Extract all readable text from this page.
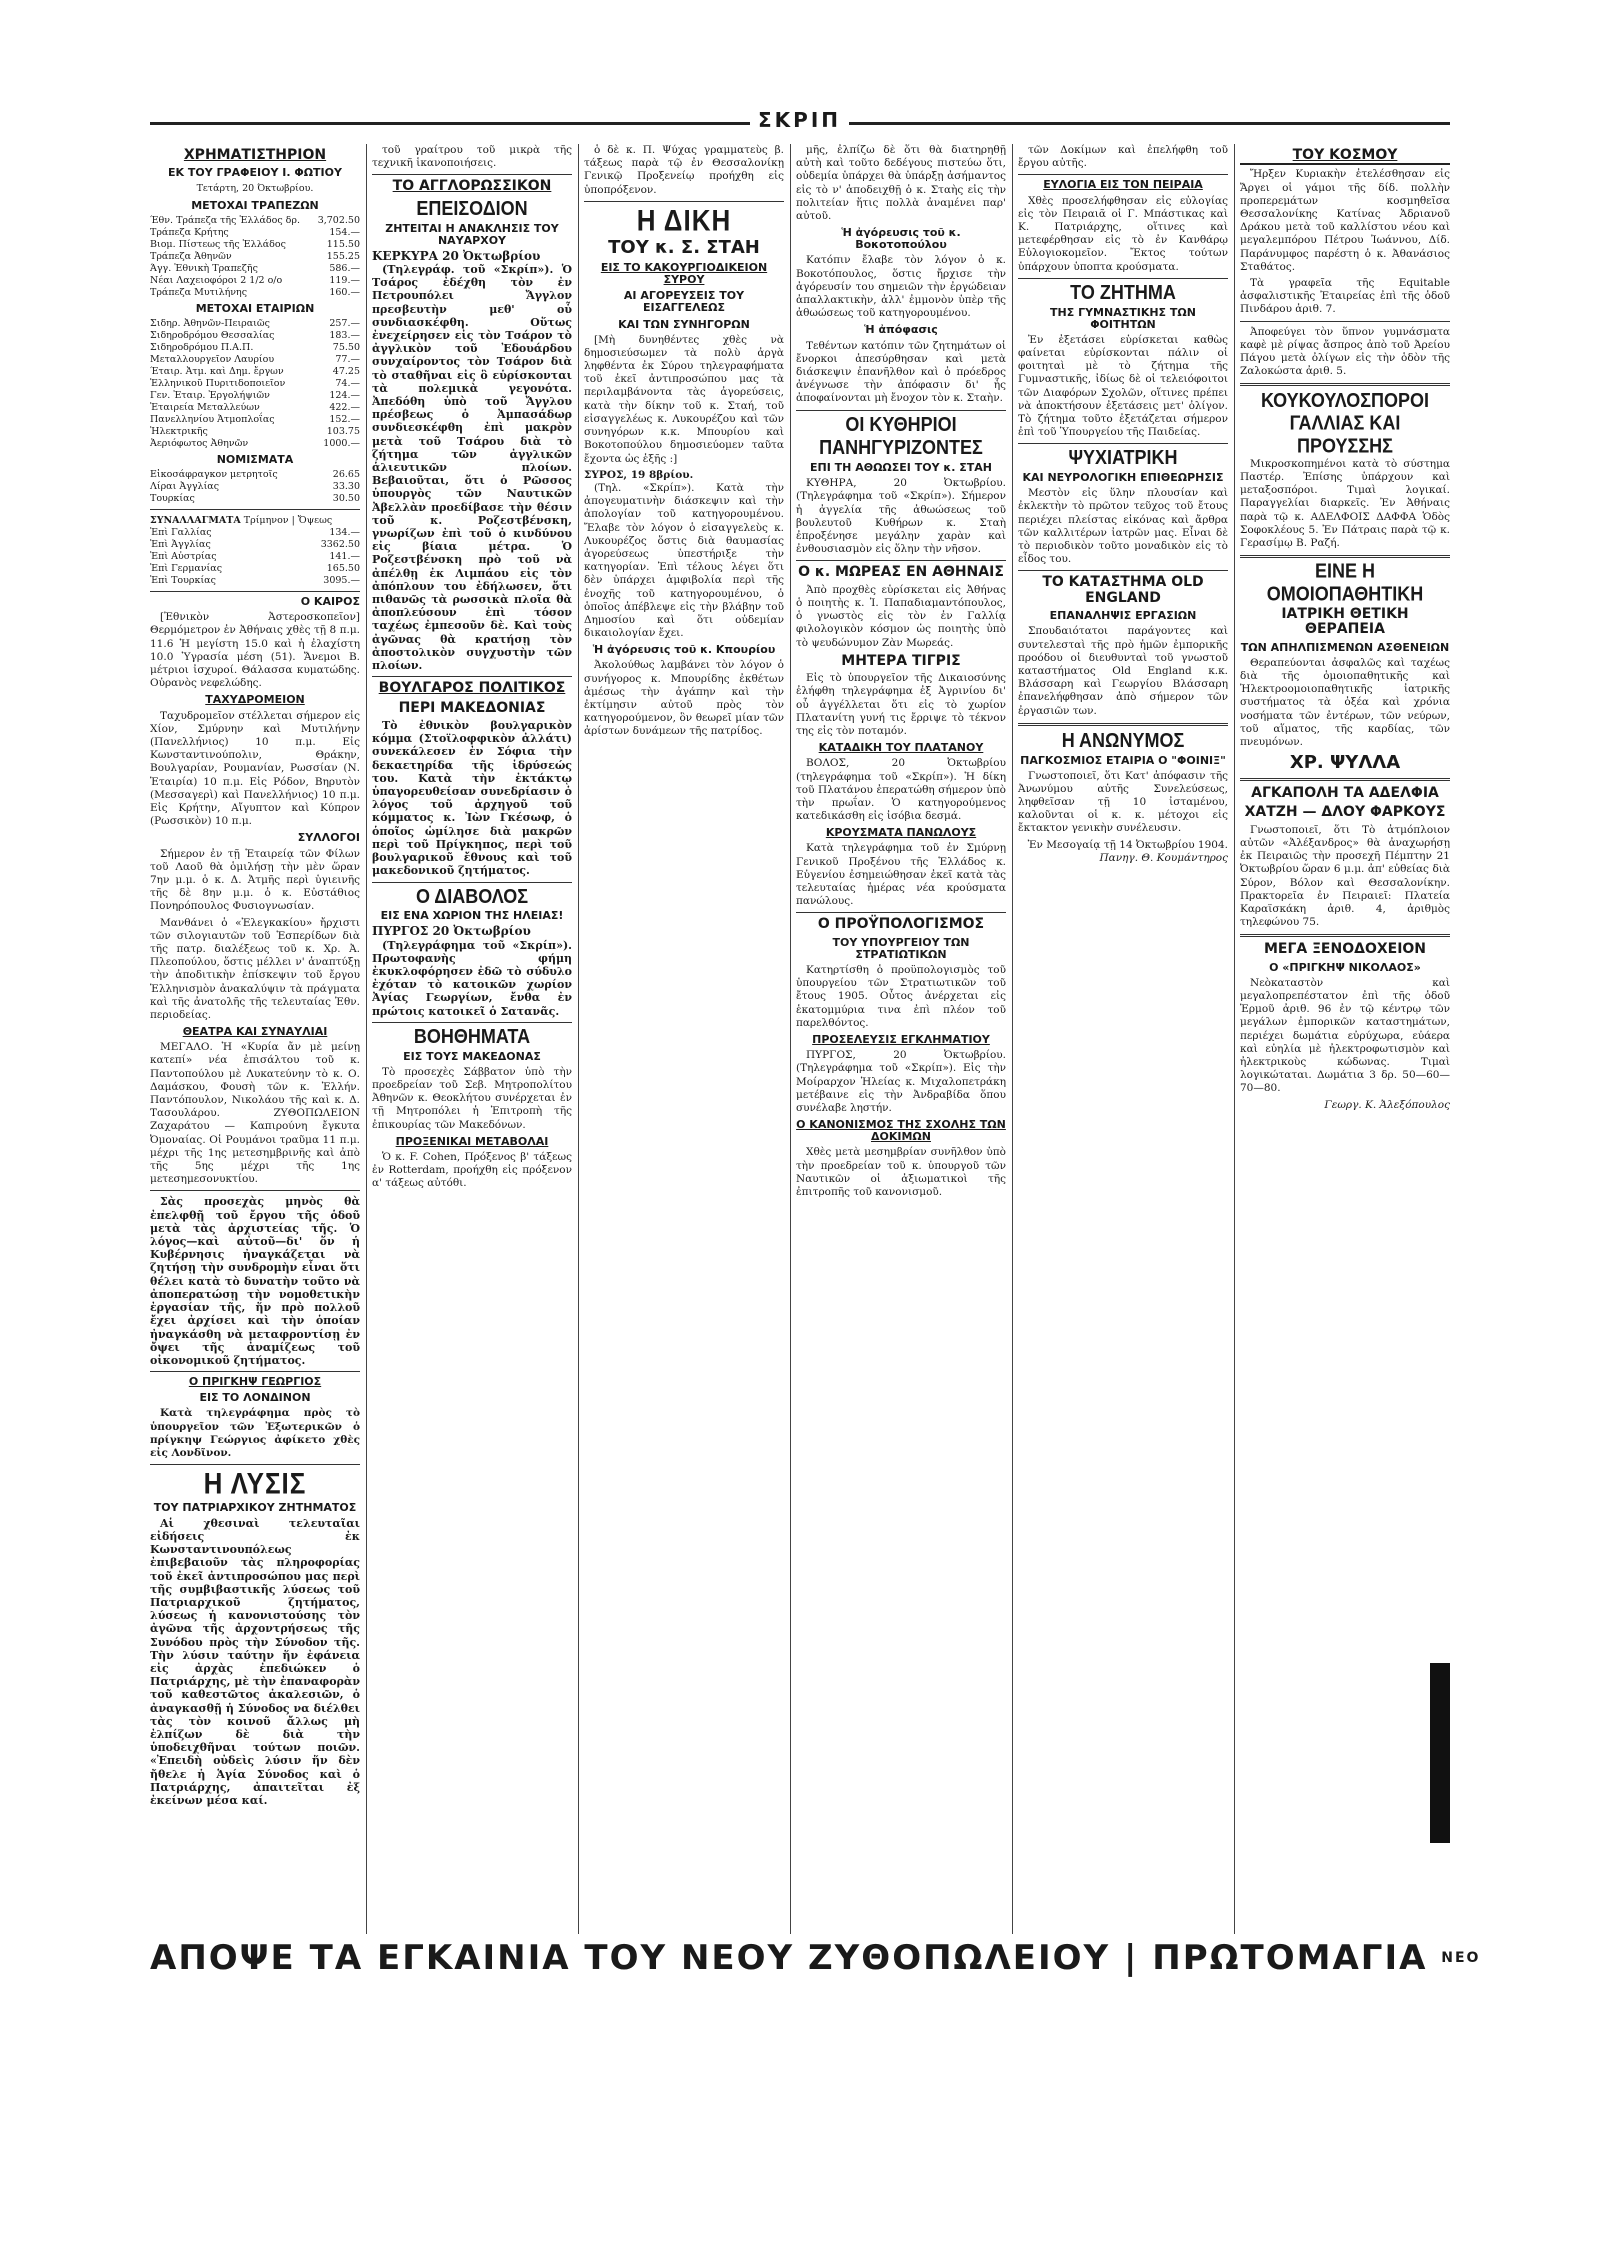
ΣΚΡΙΠ
ΧΡΗΜΑΤΙΣΤΗΡΙΟΝ
ΕΚ ΤΟΥ ΓΡΑΦΕΙΟΥ Ι. ΦΩΤΙΟΥ
Τετάρτη, 20 Όκτωβρίου.
ΜΕΤΟΧΑΙ ΤΡΑΠΕΖΩΝ
Έθν. Τράπεζα τῆς Ἑλλάδος δρ.	3,702.50
Τράπεζα Κρήτης	154.—
Βιομ. Πίστεως τῆς Ἑλλάδος	115.50
Τράπεζα Ἀθηνῶν	155.25
Άγγ. Ἐθνικὴ Τραπεζῆς	586.—
Νέαι Λαχειοφόροι 2 1/2 ο/ο	119.—
Τράπεζα Μυτιλήνης	160.—
ΜΕΤΟΧΑΙ ΕΤΑΙΡΙΩΝ
Σιδηρ. Ἀθηνῶν-Πειραιῶς	257.—
Σιδηροδρόμου Θεσσαλίας	183.—
Σιδηροδρόμου Π.Α.Π.	75.50
Μεταλλουργεῖον Λαυρίου	77.—
Έταιρ. Ἀτμ. καὶ Δημ. ἔργων	47.25
Ἑλληνικοῦ Πυριτιδοποιεῖον	74.—
Γεν. Ἐταιρ. Ἐργολήψιῶν	124.—
Ἐταιρεία Μεταλλεύων	422.—
Πανελληνίου Ἀτμοπλοΐας	152.—
Ἠλεκτρικῆς	103.75
Ἀεριόφωτος Ἀθηνῶν	1000.—
ΝΟΜΙΣΜΑΤΑ
Εἰκοσάφραγκον μετρητοῖς	26.65
Λίραι Ἀγγλίας	33.30
Τουρκίας	30.50
ΣΥΝΑΛΛΑΓΜΑΤΑ Τρίμηνον | Ὄψεως
Ἐπὶ Γαλλίας	134.—
Ἐπὶ Ἀγγλίας	3362.50
Ἐπὶ Αὐστρίας	141.—
Ἐπὶ Γερμανίας	165.50
Ἐπὶ Τουρκίας	3095.—
Ο ΚΑΙΡΟΣ

[Ἐθνικὸν Ἀστεροσκοπεῖον] Θερμόμετρον ἐν Ἀθήναις χθὲς τῇ 8 π.μ. 11.6 Ἡ μεγίστη 15.0 καὶ ἡ ἐλαχίστη 10.0 Ὑγρασία μέση (51). Ἄνεμοι Β. μέτριοι ἰσχυροί. Θάλασσα κυματώδης. Οὐρανὸς νεφελώδης.

ΤΑΧΥΔΡΟΜΕΙΟΝ

Ταχυδρομεῖον στέλλεται σήμερον εἰς Χίον, Σμύρνην καὶ Μυτιλήνην (Πανελλήνιος) 10 π.μ. Εἰς Κωνσταντινούπολιν, Θράκην, Βουλγαρίαν, Ρουμανίαν, Ρωσσίαν (Ν. Ἑταιρία) 10 π.μ. Εἰς Ρόδον, Βηρυτὸν (Μεσσαγερὶ) καὶ Πανελλήνιος) 10 π.μ. Εἰς Κρήτην, Αἴγυπτον καὶ Κύπρον (Ρωσσικὸν) 10 π.μ.

ΣΥΛΛΟΓΟΙ

Σήμερον ἐν τῇ Ἑταιρείᾳ τῶν Φίλων τοῦ Λαοῦ θὰ ὁμιλήσῃ τὴν μὲν ὥραν 7ην μ.μ. ὁ κ. Δ. Ἀτμῆς περὶ ὑγιεινῆς τῆς δὲ 8ην μ.μ. ὁ κ. Εὐστάθιος Πονηρόπουλος Φυσιογνωσίαν.

Μανθάνει ὁ «Ἐλεγκακίου» ἤρχιστι τῶν σιλογιαυτῶν τοῦ Ἑσπερίδων διὰ τῆς πατρ. διαλέξεως τοῦ κ. Χρ. Ἀ. Πλεοπούλου, ὅστις μέλλει ν' ἀναπτύξῃ τὴν ἀποδιτικὴν ἐπίσκεψιν τοῦ ἔργου Ἑλληνισμὸν ἀνακαλύψιν τὰ πράγματα καὶ τῆς ἀνατολῆς τῆς τελευταίας Ἐθν. περιοδείας.

ΘΕΑΤΡΑ ΚΑΙ ΣΥΝΑΥΛΙΑΙ

ΜΕΓΑΛΟ. Ἡ «Κυρία ἄν μὲ μείνῃ κατεπί» νέα ἐπισάλτου τοῦ κ. Παντοπούλου μὲ Λυκατεύνην τὸ κ. Ο. Δαμάσκου, Φουσὴ τῶν κ. Ἐλλήν. Παντόπουλον, Νικολάου τῆς καὶ κ. Δ. Τασουλάρου. ΖΥΘΟΠΩΛΕΙΟΝ Ζαχαράτου — Καπιρούνη ἔγκυτα Ὀμοναίας. Οἱ Ρουμάνοι τραῦμα 11 π.μ. μέχρι τῆς 1ης μετεσημβρινῆς καὶ ἀπὸ τῆς 5ης μέχρι τῆς 1ης μετεσημεσονυκτίου.

Σὰς προσεχὰς μηνὸς θὰ ἐπελφθῇ τοῦ ἔργου τῆς ὁδοῦ μετὰ τὰς ἀρχιστείας τῆς. Ὁ λόγος—καὶ αὐτοῦ—δι' ὅν ἡ Κυβέρνησις ἠναγκάζεται νὰ ζητήσῃ τὴν συνδρομὴν εἶναι ὅτι θέλει κατὰ τὸ δυνατὴν τοῦτο νὰ ἀποπερατώσῃ τὴν νομοθετικὴν ἐργασίαν τῆς, ἥν πρὸ πολλοῦ ἔχει ἀρχίσει καὶ τὴν ὁποίαν ἠναγκάσθη νὰ μεταφροντίσῃ ἐν ὄψει τῆς ἀναμίζεως τοῦ οἰκονομικοῦ ζητήματος.

Ο ΠΡΙΓΚΗΨ ΓΕΩΡΓΙΟΣ
ΕΙΣ ΤΟ ΛΟΝΔΙΝΟΝ

Κατὰ τηλεγράφημα πρὸς τὸ ὑπουργεῖον τῶν Ἐξωτερικῶν ὁ πρίγκηψ Γεώργιος ἀφίκετο χθὲς εἰς Λονδῖνον.

Η ΛΥΣΙΣ
ΤΟΥ ΠΑΤΡΙΑΡΧΙΚΟΥ ΖΗΤΗΜΑΤΟΣ

Αἱ χθεσιναὶ τελευταῖαι εἰδήσεις ἐκ Κωνσταντινουπόλεως ἐπιβεβαιοῦν τὰς πληροφορίας τοῦ ἐκεῖ ἀντιπροσώπου μας περὶ τῆς συμβιβαστικῆς λύσεως τοῦ Πατριαρχικοῦ ζητήματος, λύσεως ἡ κανονιστούσης τὸν ἀγῶνα τῆς ἀρχοντρήσεως τῆς Συνόδου πρὸς τὴν Σύνοδον τῆς. Τὴν λύσιν ταύτην ἥν ἐφάνεια εἰς ἀρχὰς ἐπεδιώκεν ὁ Πατριάρχης, μὲ τὴν ἐπαναφορὰν τοῦ καθεστῶτος ἀκαλεσιῶν, ὁ ἀναγκασθῇ ἡ Σύνοδος να διέλθει τὰς τὸν κοινοῦ ἄλλως μὴ ἐλπίζων δὲ διὰ τὴν ὑποδειχθῆναι τούτων ποιῶν. «Ἐπειδὴ οὐδεὶς λύσιν ἥν δὲν ἤθελε ἡ Ἁγία Σύνοδος καὶ ὁ Πατριάρχης, ἀπαιτεῖται ἐξ ἐκείνων μέσα καί.

τοῦ γραίτρου τοῦ μικρὰ τῆς τεχνικῆ ἱκανοποιήσεις.

ΤΟ ΑΓΓΛΟΡΩΣΣΙΚΟΝ
ΕΠΕΙΣΟΔΙΟΝ
ΖΗΤΕΙΤΑΙ Η ΑΝΑΚΛΗΣΙΣ ΤΟΥ ΝΑΥΑΡΧΟΥ
ΚΕΡΚΥΡΑ 20 Ὀκτωβρίου

(Τηλεγράφ. τοῦ «Σκρίπ»). Ὁ Τσάρος ἐδέχθη τὸν ἐν Πετρουπόλει Ἄγγλον πρεσβευτὴν μεθ' οὗ συνδιασκέφθη. Οὕτως ἐνεχείρησεν εἰς τὸν Τσάρον τὸ ἀγγλικὸν τοῦ Ἐδουάρδου συνχαίροντος τὸν Τσάρον διὰ τὸ σταθῆναι εἰς ὃ εὑρίσκονται τὰ πολεμικὰ γεγονότα. Ἀπεδόθη ὑπὸ τοῦ Ἄγγλου πρέσβεως ὁ Ἀμπασάδωρ συνδιεσκέφθη ἐπὶ μακρὸν μετὰ τοῦ Τσάρου διὰ τὸ ζήτημα τῶν ἀγγλικῶν ἁλιευτικῶν πλοίων. Βεβαιοῦται, ὅτι ὁ Ρῶσσος ὑπουργὸς τῶν Ναυτικῶν Ἀβελλὰν προεδίβασε τὴν θέσιν τοῦ κ. Ροζεστβένσκη, γνωρίζων ἐπὶ τοῦ ὁ κινδύνου εἰς βίαια μέτρα. Ὁ Ροζεστβένσκη πρὸ τοῦ νὰ ἀπέλθῃ ἐκ Λιμπάου εἰς τὸν ἀπόπλουν του ἐδήλωσεν, ὅτι πιθανῶς τὰ ρωσσικὰ πλοῖα θὰ ἀποπλεύσουν ἐπὶ τόσον ταχέως ἐμπεσοῦν δὲ. Καὶ τοὺς ἀγῶνας θὰ κρατήσῃ τὸν ἀποστολικὸν συγχυστὴν τῶν πλοίων.

ΒΟΥΛΓΑΡΟΣ ΠΟΛΙΤΙΚΟΣ
ΠΕΡΙ ΜΑΚΕΔΟΝΙΑΣ

Τὸ ἐθνικὸν βουλγαρικὸν κόμμα (Στοϊλοφφικὸν ἀλλάτι) συνεκάλεσεν ἐν Σόφια τὴν δεκαετηρίδα τῆς ἱδρύσεώς του. Κατὰ τὴν ἐκτάκτῳ ὑπαγορευθείσαν συνεδρίασιν ὁ λόγος τοῦ ἀρχηγοῦ τοῦ κόμματος κ. Ἰὼν Γκέσωφ, ὁ ὁποῖος ὡμίλησε διὰ μακρῶν περὶ τοῦ Πρίγκηπος, περὶ τοῦ βουλγαρικοῦ ἔθνους καὶ τοῦ μακεδονικοῦ ζητήματος.

Ο ΔΙΑΒΟΛΟΣ
ΕΙΣ ΕΝΑ ΧΩΡΙΟΝ ΤΗΣ ΗΛΕΙΑΣ!
ΠΥΡΓΟΣ 20 Ὀκτωβρίου

(Τηλεγράφημα τοῦ «Σκρίπ»). Πρωτοφανὴς φήμη ἐκυκλοφόρησεν ἐδῶ τὸ σύδυλο ἐχόταν τὸ κατοικῶν χωρίον Ἀγίας Γεωργίων, ἔνθα ἐν πρώτοις κατοικεῖ ὁ Σατανᾶς.

ΒΟΗΘΗΜΑΤΑ
ΕΙΣ ΤΟΥΣ ΜΑΚΕΔΟΝΑΣ

Τὸ προσεχὲς Σάββατον ὑπὸ τὴν προεδρείαν τοῦ Σεβ. Μητροπολίτου Ἀθηνῶν κ. Θεοκλήτου συνέρχεται ἐν τῇ Μητροπόλει ἡ Ἐπιτροπὴ τῆς ἐπικουρίας τῶν Μακεδόνων.

ΠΡΟΞΕΝΙΚΑΙ ΜΕΤΑΒΟΛΑΙ

Ὁ κ. F. Cohen, Πρόξενος β' τάξεως ἐν Rotterdam, προήχθη εἰς πρόξενον α' τάξεως αὐτόθι.

ὁ δὲ κ. Π. Ψύχας γραμματεὺς β. τάξεως παρὰ τῷ ἐν Θεσσαλονίκῃ Γενικῷ Προξενείῳ προήχθη εἰς ὑποπρόξενον.

Η ΔΙΚΗ
ΤΟΥ κ. Σ. ΣΤΑΗ
ΕΙΣ ΤΟ ΚΑΚΟΥΡΓΙΟΔΙΚΕΙΟΝ ΣΥΡΟΥ
ΑΙ ΑΓΟΡΕΥΣΕΙΣ ΤΟΥ ΕΙΣΑΓΓΕΛΕΩΣ
ΚΑΙ ΤΩΝ ΣΥΝΗΓΟΡΩΝ

[Μὴ δυνηθέντες χθὲς νὰ δημοσιεύσωμεν τὰ πολὺ ἀργὰ ληφθέντα ἐκ Σύρου τηλεγραφήματα τοῦ ἐκεῖ ἀντιπροσώπου μας τὰ περιλαμβάνοντα τὰς ἀγορεύσεις, κατὰ τὴν δίκην τοῦ κ. Σταή, τοῦ εἰσαγγελέως κ. Λυκουρέζου καὶ τῶν συνηγόρων κ.κ. Μπουρίου καὶ Βοκοτοπούλου δημοσιεύομεν ταῦτα ἔχοντα ὡς ἑξῆς :]

ΣΥΡΟΣ, 19 8βρίου.

(Τηλ. «Σκρίπ»). Κατὰ τὴν ἀπογευματινὴν διάσκεψιν καὶ τὴν ἀπολογίαν τοῦ κατηγορουμένου. Ἔλαβε τὸν λόγον ὁ εἰσαγγελεὺς κ. Λυκουρέζος ὅστις διὰ θαυμασίας ἀγορεύσεως ὑπεστήριξε τὴν κατηγορίαν. Ἐπὶ τέλους λέγει ὅτι δὲν ὑπάρχει ἀμφιβολία περὶ τῆς ἐνοχῆς τοῦ κατηγορουμένου, ὁ ὁποῖος ἀπέβλεψε εἰς τὴν βλάβην τοῦ Δημοσίου καὶ ὅτι οὐδεμίαν δικαιολογίαν ἔχει.

Ἡ ἀγόρευσις τοῦ κ. Κπουρίου

Ἀκολούθως λαμβάνει τὸν λόγον ὁ συνήγορος κ. Μπουρίδης ἐκθέτων ἀμέσως τὴν ἀγάπην καὶ τὴν ἐκτίμησιν αὐτοῦ πρὸς τὸν κατηγορούμενον, ὃν θεωρεῖ μίαν τῶν ἀρίστων δυνάμεων τῆς πατρίδος.

μῆς, ἐλπίζω δὲ ὅτι θὰ διατηρηθῇ αὐτὴ καὶ τοῦτο δεδέγους πιστεύω ὅτι, οὐδεμία ὑπάρχει θὰ ὑπάρξῃ ἀσήμαντος εἰς τὸ ν' ἀποδειχθῇ ὁ κ. Σταὴς εἰς τὴν πολιτείαν ἥτις πολλὰ ἀναμένει παρ' αὐτοῦ.

Ἡ ἀγόρευσις τοῦ κ. Βοκοτοπούλου

Κατόπιν ἔλαβε τὸν λόγον ὁ κ. Βοκοτόπουλος, ὅστις ἤρχισε τὴν ἀγόρευσίν του σημειῶν τὴν ἐργώδειαν ἀπαλλακτικὴν, ἀλλ' ἐμμονὸν ὑπὲρ τῆς ἀθωώσεως τοῦ κατηγορουμένου.

Ἡ ἀπόφασις

Τεθέντων κατόπιν τῶν ζητημάτων οἱ ἔνορκοι ἀπεσύρθησαν καὶ μετὰ διάσκεψιν ἐπανῆλθον καὶ ὁ πρόεδρος ἀνέγνωσε τὴν ἀπόφασιν δι' ἧς ἀποφαίνονται μὴ ἔνοχον τὸν κ. Σταὴν.

ΟΙ ΚΥΘΗΡΙΟΙ
ΠΑΝΗΓΥΡΙΖΟΝΤΕΣ
ΕΠΙ ΤΗ ΑΘΩΩΣΕΙ ΤΟΥ κ. ΣΤΑΗ

ΚΥΘΗΡΑ, 20 Ὀκτωβρίου. (Τηλεγράφημα τοῦ «Σκρίπ»). Σήμερον ἡ ἀγγελία τῆς ἀθωώσεως τοῦ βουλευτοῦ Κυθήρων κ. Σταὴ ἐπροξένησε μεγάλην χαρὰν καὶ ἐνθουσιασμὸν εἰς ὅλην τὴν νῆσον.

Ο κ. ΜΩΡΕΑΣ ΕΝ ΑΘΗΝΑΙΣ

Ἀπὸ προχθὲς εὑρίσκεται εἰς Ἀθήνας ὁ ποιητὴς κ. Ἰ. Παπαδιαμαντόπουλος, ὁ γνωστὸς εἰς τὸν ἐν Γαλλίᾳ φιλολογικὸν κόσμον ὡς ποιητὴς ὑπὸ τὸ ψευδώνυμον Ζὰν Μωρεάς.

ΜΗΤΕΡΑ ΤΙΓΡΙΣ

Εἰς τὸ ὑπουργεῖον τῆς Δικαιοσύνης ἐλήφθη τηλεγράφημα ἐξ Ἀγρινίου δι' οὗ ἀγγέλλεται ὅτι εἰς τὸ χωρίον Πλατανίτη γυνή τις ἔρριψε τὸ τέκνον της εἰς τὸν ποταμόν.

ΚΑΤΑΔΙΚΗ ΤΟΥ ΠΛΑΤΑΝΟΥ

ΒΟΛΟΣ, 20 Ὀκτωβρίου (τηλεγράφημα τοῦ «Σκρίπ»). Ἡ δίκη τοῦ Πλατάνου ἐπερατώθη σήμερον ὑπὸ τὴν πρωΐαν. Ὁ κατηγορούμενος κατεδικάσθη εἰς ἰσόβια δεσμά.

ΚΡΟΥΣΜΑΤΑ ΠΑΝΩΛΟΥΣ

Κατὰ τηλεγράφημα τοῦ ἐν Σμύρνῃ Γενικοῦ Προξένου τῆς Ἑλλάδος κ. Εὐγενίου ἐσημειώθησαν ἐκεῖ κατὰ τὰς τελευταίας ἡμέρας νέα κρούσματα πανώλους.

Ο ΠΡΟΫΠΟΛΟΓΙΣΜΟΣ
ΤΟΥ ΥΠΟΥΡΓΕΙΟΥ ΤΩΝ ΣΤΡΑΤΙΩΤΙΚΩΝ

Κατηρτίσθη ὁ προϋπολογισμὸς τοῦ ὑπουργείου τῶν Στρατιωτικῶν τοῦ ἔτους 1905. Οὗτος ἀνέρχεται εἰς ἑκατομμύρια τινα ἐπὶ πλέον τοῦ παρελθόντος.

ΠΡΟΣΕΛΕΥΣΙΣ ΕΓΚΛΗΜΑΤΙΟΥ

ΠΥΡΓΟΣ, 20 Ὀκτωβρίου. (Τηλεγράφημα τοῦ «Σκρίπ»). Εἰς τὴν Μοίραρχον Ἠλείας κ. Μιχαλοπετράκη μετέβαινε εἰς τὴν Ἀνδραβίδα ὅπου συνέλαβε ληστήν.

Ο ΚΑΝΟΝΙΣΜΟΣ ΤΗΣ ΣΧΟΛΗΣ ΤΩΝ ΔΟΚΙΜΩΝ

Χθὲς μετὰ μεσημβρίαν συνῆλθον ὑπὸ τὴν προεδρείαν τοῦ κ. ὑπουργοῦ τῶν Ναυτικῶν οἱ ἀξιωματικοὶ τῆς ἐπιτροπῆς τοῦ κανονισμοῦ.

τῶν Δοκίμων καὶ ἐπελήφθη τοῦ ἔργου αὐτῆς.

ΕΥΛΟΓΙΑ ΕΙΣ ΤΟΝ ΠΕΙΡΑΙΑ

Χθὲς προσελήφθησαν εἰς εὐλογίας εἰς τὸν Πειραιᾶ οἱ Γ. Μπάστικας καὶ Κ. Πατριάρχης, οἵτινες καὶ μετεφέρθησαν εἰς τὸ ἐν Κανθάρῳ Εὐλογιοκομεῖον. Ἔκτος τούτων ὑπάρχουν ὑποπτα κρούσματα.

ΤΟ ΖΗΤΗΜΑ
ΤΗΣ ΓΥΜΝΑΣΤΙΚΗΣ ΤΩΝ ΦΟΙΤΗΤΩΝ

Ἐν ἐξετάσει εὑρίσκεται καθὼς φαίνεται εὑρίσκονται πάλιν οἱ φοιτηταὶ μὲ τὸ ζήτημα τῆς Γυμναστικῆς, ἰδίως δὲ οἱ τελειόφοιτοι τῶν Διαφόρων Σχολῶν, οἵτινες πρέπει νὰ ἀποκτήσουν ἐξετάσεις μετ' ὀλίγον. Τὸ ζήτημα τοῦτο ἐξετάζεται σήμερον ἐπὶ τοῦ Ὑπουργείου τῆς Παιδείας.

ΨΥΧΙΑΤΡΙΚΗ
ΚΑΙ ΝΕΥΡΟΛΟΓΙΚΗ ΕΠΙΘΕΩΡΗΣΙΣ

Μεστὸν εἰς ὕλην πλουσίαν καὶ ἐκλεκτὴν τὸ πρῶτον τεῦχος τοῦ ἔτους περιέχει πλείστας εἰκόνας καὶ ἄρθρα τῶν καλλιτέρων ἰατρῶν μας. Εἶναι δὲ τὸ περιοδικὸν τοῦτο μοναδικὸν εἰς τὸ εἶδος του.

ΤΟ ΚΑΤΑΣΤΗΜΑ OLD ENGLAND
ΕΠΑΝΑΛΗΨΙΣ ΕΡΓΑΣΙΩΝ

Σπουδαιότατοι παράγοντες καὶ συντελεσταὶ τῆς πρὸ ἡμῶν ἐμπορικῆς προόδου οἱ διευθυνταὶ τοῦ γνωστοῦ καταστήματος Old England κ.κ. Βλάσσαρη καὶ Γεωργίου Βλάσσαρη ἐπανελήφθησαν ἀπὸ σήμερον τῶν ἐργασιῶν των.

Η ΑΝΩΝΥΜΟΣ
ΠΑΓΚΟΣΜΙΟΣ ΕΤΑΙΡΙΑ Ο "ΦΟΙΝΙΞ"

Γνωστοποιεῖ, ὅτι Κατ' ἀπόφασιν τῆς Ἀνωνύμου αὐτῆς Συνελεύσεως, ληφθεῖσαν τῇ 10 ἰσταμένου, καλοῦνται οἱ κ. κ. μέτοχοι εἰς ἔκτακτον γενικὴν συνέλευσιν.

Ἐν Μεσογαίᾳ τῇ 14 Ὀκτωβρίου 1904.
Πανηγ. Θ. Κουμάντηρος
ΤΟΥ ΚΟΣΜΟΥ

Ἤρξεν Κυριακὴν ἐτελέσθησαν εἰς Ἄργει οἱ γάμοι τῆς δίδ. πολλὴν προπερεμάτων κοσμηθεῖσα Θεσσαλονίκης Κατίνας Ἀδριανοῦ Δράκου μετὰ τοῦ καλλίστου νέου καὶ μεγαλεμπόρου Πέτρου Ἰωάννου, Δίδ. Παράνυμφος παρέστη ὁ κ. Ἀθανάσιος Σταθάτος.

Τὰ γραφεῖα τῆς Equitable ἀσφαλιστικῆς Ἐταιρείας ἐπὶ τῆς ὁδοῦ Πινδάρου ἀριθ. 7.

Ἀποφεύγει τὸν ὕπνον γυμνάσματα καφὲ μὲ ρίψας ἄσπρος ἀπὸ τοῦ Ἀρείου Πάγου μετὰ ὀλίγων εἰς τὴν ὁδὸν τῆς Ζαλοκώστα ἀριθ. 5.

ΚΟΥΚΟΥΛΟΣΠΟΡΟΙ
ΓΑΛΛΙΑΣ ΚΑΙ ΠΡΟΥΣΣΗΣ

Μικροσκοπημένοι κατὰ τὸ σύστημα Παστέρ. Ἐπίσης ὑπάρχουν καὶ μεταξοσπόροι. Τιμαὶ λογικαί. Παραγγελίαι διαρκεῖς. Ἐν Ἀθήναις παρὰ τῷ κ. ΑΔΕΛΦΟΙΣ ΔΑΦΦΑ Ὁδὸς Σοφοκλέους 5. Ἐν Πάτραις παρὰ τῷ κ. Γερασίμῳ Β. Ραζή.

ΕΙΝΕ Η ΟΜΟΙΟΠΑΘΗΤΙΚΗ
ΙΑΤΡΙΚΗ ΘΕΤΙΚΗ ΘΕΡΑΠΕΙΑ
ΤΩΝ ΑΠΗΛΠΙΣΜΕΝΩΝ ΑΣΘΕΝΕΙΩΝ

Θεραπεύονται ἀσφαλῶς καὶ ταχέως διὰ τῆς ὁμοιοπαθητικῆς καὶ Ἠλεκτροομοιοπαθητικῆς ἰατρικῆς συστήματος τὰ ὀξέα καὶ χρόνια νοσήματα τῶν ἐντέρων, τῶν νεύρων, τοῦ αἵματος, τῆς καρδίας, τῶν πνευμόνων.

ΧΡ. ΨΥΛΛΑ
ΑΓΚΑΠΟΛΗ ΤΑ ΑΔΕΛΦΙΑ
ΧΑΤΖΗ — ΔΛΟΥ ΦΑΡΚΟΥΣ

Γνωστοποιεῖ, ὅτι Τὸ ἀτμόπλοιον αὐτῶν «Ἀλέξανδρος» θὰ ἀναχωρήσῃ ἐκ Πειραιῶς τὴν προσεχῆ Πέμπτην 21 Ὀκτωβρίου ὥραν 6 μ.μ. ἀπ' εὐθείας διὰ Σύρον, Βόλον καὶ Θεσσαλονίκην. Πρακτορεῖα ἐν Πειραιεῖ: Πλατεία Καραϊσκάκη ἀριθ. 4, ἀριθμὸς τηλεφώνου 75.

ΜΕΓΑ ΞΕΝΟΔΟΧΕΙΟΝ
Ο «ΠΡΙΓΚΗΨ ΝΙΚΟΛΑΟΣ»

Νεὸκαταστὸν καὶ μεγαλοπρεπέστατον ἐπὶ τῆς ὁδοῦ Ἑρμοῦ ἀριθ. 96 ἐν τῷ κέντρῳ τῶν μεγάλων ἐμπορικῶν καταστημάτων, περιέχει δωμάτια εὐρύχωρα, εὐάερα καὶ εὐηλία μὲ ἠλεκτροφωτισμὸν καὶ ἠλεκτρικοὺς κώδωνας. Τιμαὶ λογικώταται. Δωμάτια 3 δρ. 50—60—70—80.

Γεωργ. Κ. Ἀλεξόπουλος
ΑΠΟΨΕ ΤΑ ΕΓΚΑΙΝΙΑ ΤΟΥ ΝΕΟΥ ΖΥΘΟΠΩΛΕΙΟΥ | ΠΡΩΤΟΜΑΓΙΑ $^{NEO}$
